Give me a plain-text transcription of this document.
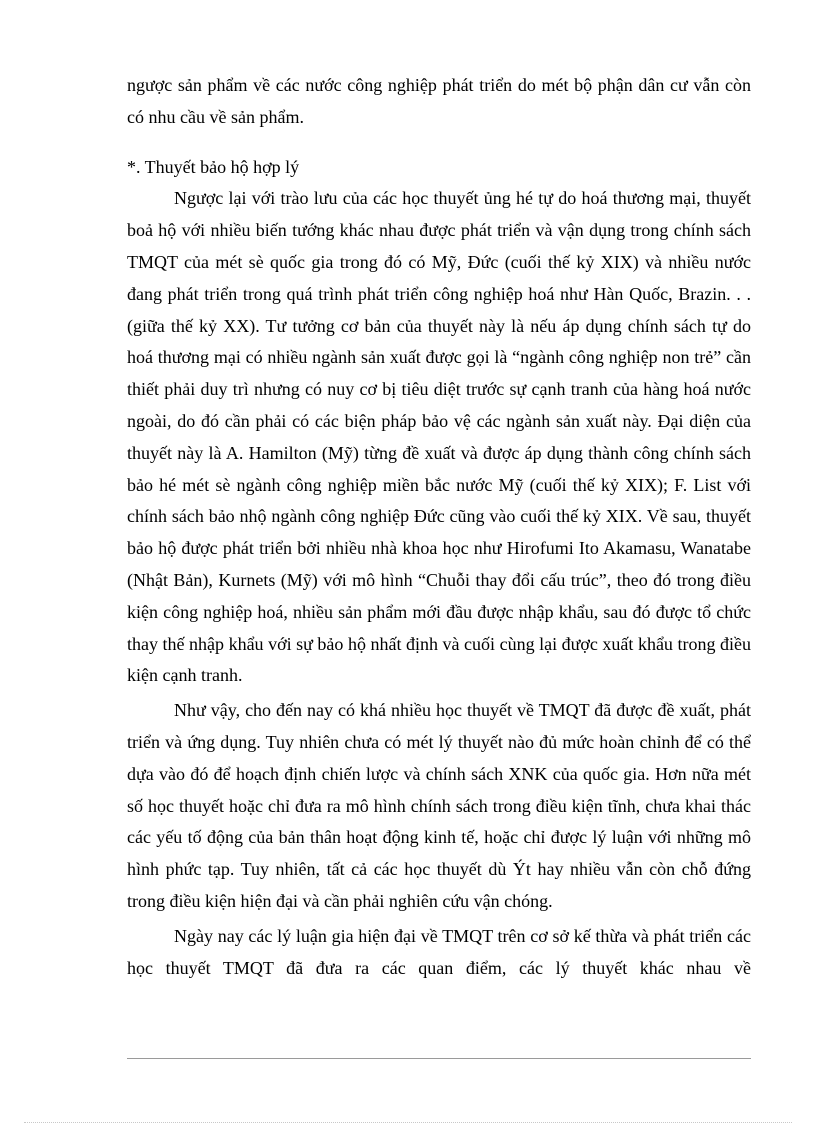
ngược sản phẩm về các nước công nghiệp phát triển do mét bộ phận dân cư vẫn còn có nhu cầu về sản phẩm.

*. Thuyết bảo hộ hợp lý

Ngược lại với trào lưu của các học thuyết ủng hé tự do hoá thương mại, thuyết boả hộ với nhiều biến tướng khác nhau được phát triển và vận dụng trong chính sách TMQT của mét sè quốc gia trong đó có Mỹ, Đức (cuối thế kỷ XIX) và nhiều nước đang phát triển trong quá trình phát triển công nghiệp hoá như Hàn Quốc, Brazin. . . (giữa thế kỷ XX). Tư tưởng cơ bản của thuyết này là nếu áp dụng chính sách tự do hoá thương mại có nhiều ngành sản xuất được gọi là “ngành công nghiệp non trẻ” cần thiết phải duy trì nhưng có nuy cơ bị tiêu diệt trước sự cạnh tranh của hàng hoá nước ngoài, do đó cần phải có các biện pháp bảo vệ các ngành sản xuất này. Đại diện của thuyết này là A. Hamilton (Mỹ) từng đề xuất và được áp dụng thành công chính sách bảo hé mét sè ngành công nghiệp miền bắc nước Mỹ (cuối thế kỷ XIX); F. List với chính sách bảo nhộ ngành công nghiệp Đức cũng vào cuối thế kỷ XIX. Về sau, thuyết bảo hộ được phát triển bởi nhiều nhà khoa học như Hirofumi Ito Akamasu, Wanatabe (Nhật Bản), Kurnets (Mỹ) với mô hình “Chuỗi thay đổi cấu trúc”, theo đó trong điều kiện công nghiệp hoá, nhiều sản phẩm mới đầu được nhập khẩu, sau đó được tổ chức thay thế nhập khẩu với sự bảo hộ nhất định và cuối cùng lại được xuất khẩu trong điều kiện cạnh tranh.

Như vậy, cho đến nay có khá nhiều học thuyết về TMQT đã được đề xuất, phát triển và ứng dụng. Tuy nhiên chưa có mét lý thuyết nào đủ mức hoàn chỉnh để có thể dựa vào đó để hoạch định chiến lược và chính sách XNK của quốc gia. Hơn nữa mét số học thuyết hoặc chỉ đưa ra mô hình chính sách trong điều kiện tĩnh, chưa khai thác các yếu tố động của bản thân hoạt động kinh tế, hoặc chỉ được lý luận với những mô hình phức tạp. Tuy nhiên, tất cả các học thuyết dù Ýt hay nhiều vẫn còn chỗ đứng trong điều kiện hiện đại và cần phải nghiên cứu vận chóng.

Ngày nay các lý luận gia hiện đại về TMQT trên cơ sở kế thừa và phát triển các học thuyết TMQT đã đưa ra các quan điểm, các lý thuyết khác nhau về
